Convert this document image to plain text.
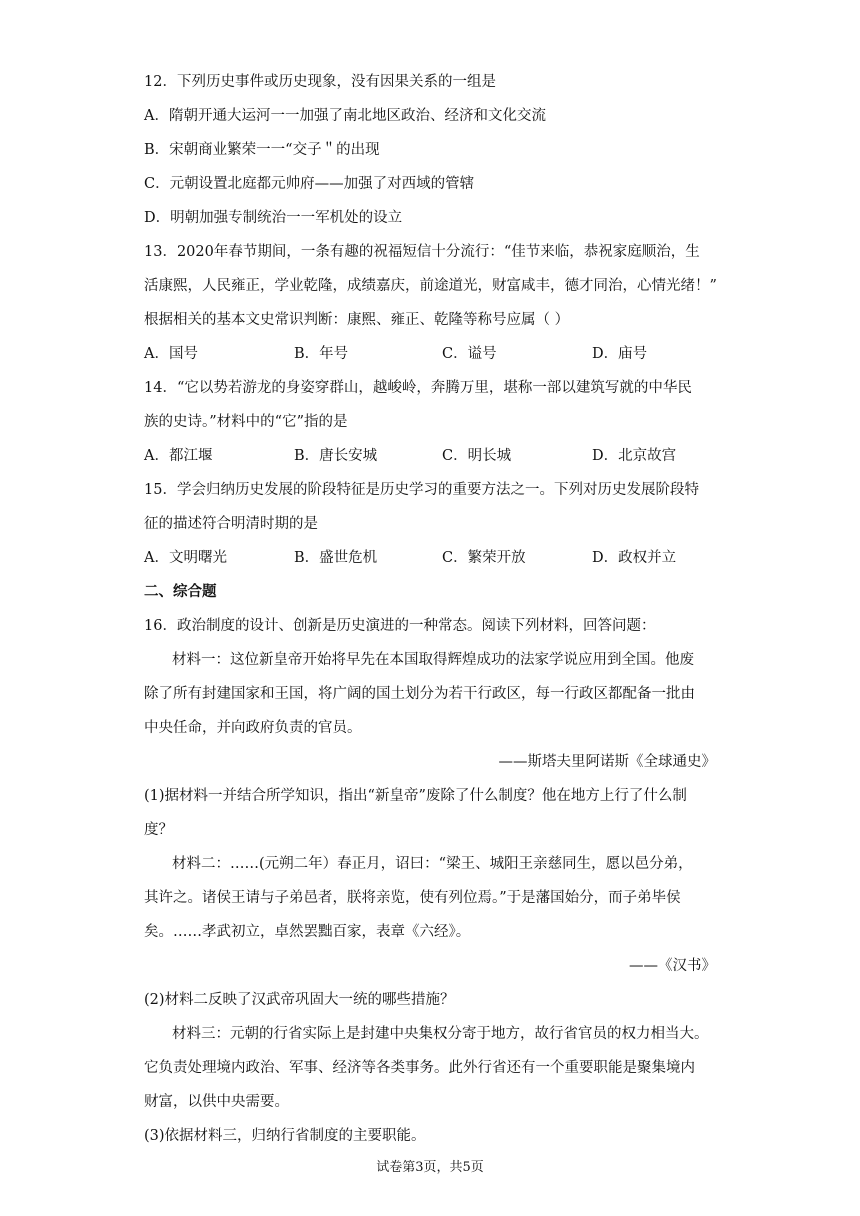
12．下列历史事件或历史现象，没有因果关系的一组是
A．隋朝开通大运河一一加强了南北地区政治、经济和文化交流
B．宋朝商业繁荣一一“交子＂的出现
C．元朝设置北庭都元帅府——加强了对西域的管辖
D．明朝加强专制统治一一军机处的设立
13．2020年春节期间，一条有趣的祝福短信十分流行：“佳节来临，恭祝家庭顺治，生
活康熙，人民雍正，学业乾隆，成绩嘉庆，前途道光，财富咸丰，德才同治，心情光绪！”
根据相关的基本文史常识判断：康熙、雍正、乾隆等称号应属（ ）
A．国号	B．年号	C．谥号	D．庙号
14．“它以势若游龙的身姿穿群山，越峻岭，奔腾万里，堪称一部以建筑写就的中华民
族的史诗。”材料中的“它”指的是
A．都江堰	B．唐长安城	C．明长城	D．北京故宫
15．学会归纳历史发展的阶段特征是历史学习的重要方法之一。下列对历史发展阶段特
征的描述符合明清时期的是
A．文明曙光	B．盛世危机	C．繁荣开放	D．政权并立
二、综合题
16．政治制度的设计、创新是历史演进的一种常态。阅读下列材料，回答问题：
材料一：这位新皇帝开始将早先在本国取得辉煌成功的法家学说应用到全国。他废
除了所有封建国家和王国，将广阔的国土划分为若干行政区，每一行政区都配备一批由
中央任命，并向政府负责的官员。
——斯塔夫里阿诺斯《全球通史》
(1)据材料一并结合所学知识，指出“新皇帝”废除了什么制度？他在地方上行了什么制
度？
材料二：……(元朔二年）春正月，诏曰：“梁王、城阳王亲慈同生，愿以邑分弟，
其许之。诸侯王请与子弟邑者，朕将亲览，使有列位焉。”于是藩国始分，而子弟毕侯
矣。……孝武初立，卓然罢黜百家，表章《六经》。
——《汉书》
(2)材料二反映了汉武帝巩固大一统的哪些措施？
材料三：元朝的行省实际上是封建中央集权分寄于地方，故行省官员的权力相当大。
它负责处理境内政治、军事、经济等各类事务。此外行省还有一个重要职能是聚集境内
财富，以供中央需要。
(3)依据材料三，归纳行省制度的主要职能。
试卷第3页，共5页
